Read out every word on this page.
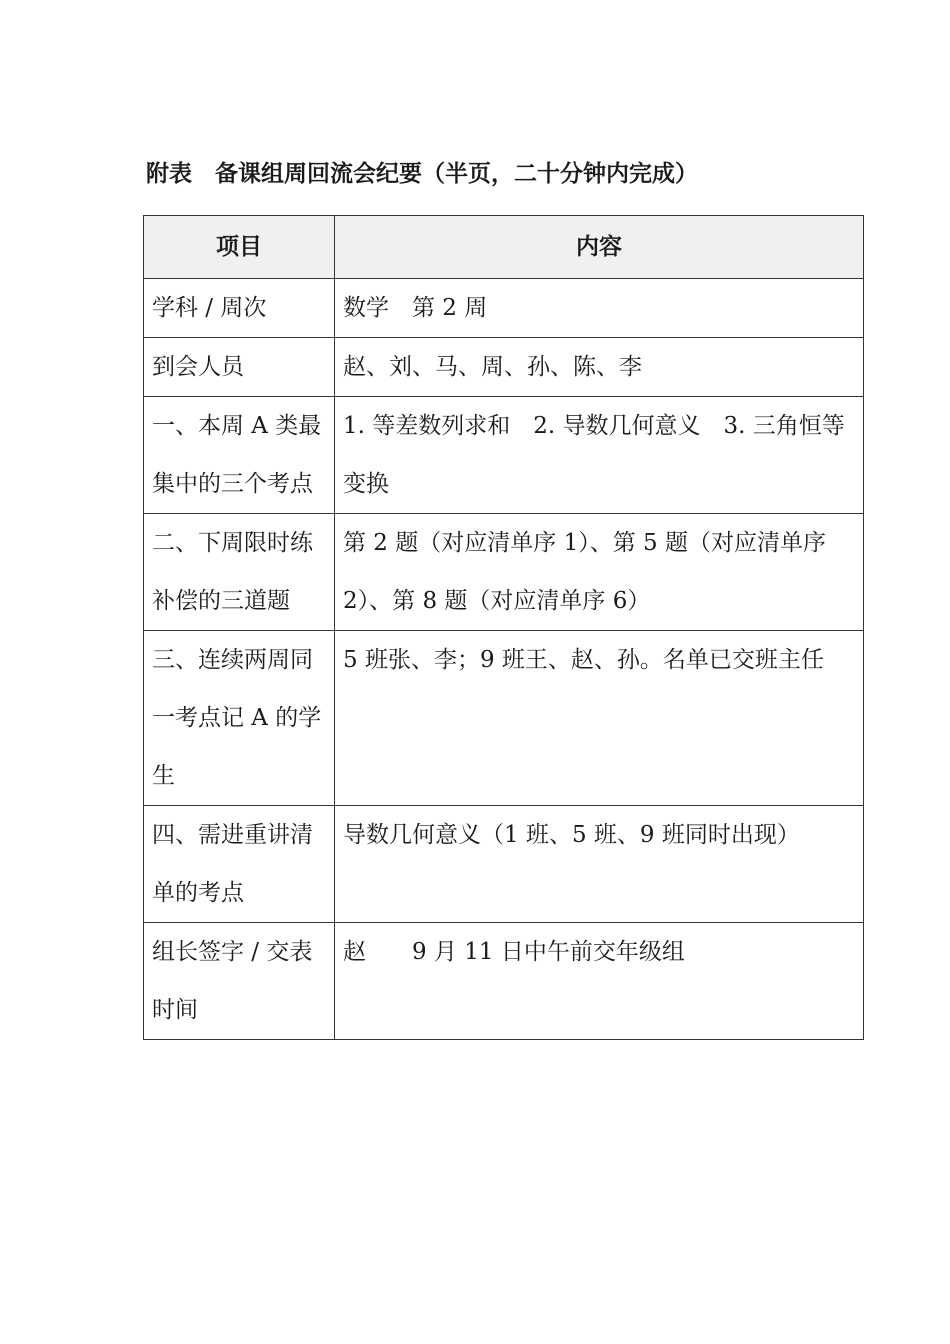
附表　备课组周回流会纪要（半页，二十分钟内完成）
项目	内容
学科 / 周次	数学　第 2 周
到会人员	赵、刘、马、周、孙、陈、李
一、本周 A 类最集中的三个考点	1. 等差数列求和　2. 导数几何意义　3. 三角恒等变换
二、下周限时练补偿的三道题	第 2 题（对应清单序 1）、第 5 题（对应清单序 2）、第 8 题（对应清单序 6）
三、连续两周同一考点记 A 的学生	5 班张、李；9 班王、赵、孙。名单已交班主任
四、需进重讲清单的考点	导数几何意义（1 班、5 班、9 班同时出现）
组长签字 / 交表时间	赵　　9 月 11 日中午前交年级组
